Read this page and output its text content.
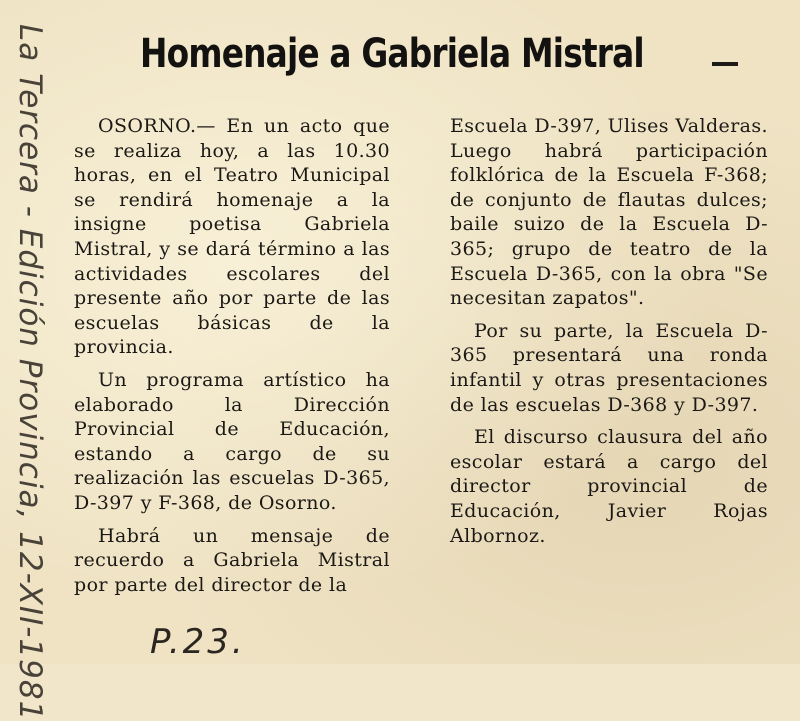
La Tercera - Edición Provincia, 12-XII-1981 Homenaje a Gabriela Mistral

OSORNO.— En un acto que se realiza hoy, a las 10.30 horas, en el Teatro Municipal se rendirá homenaje a la insigne poetisa Gabriela Mistral, y se dará término a las actividades escolares del presente año por parte de las escuelas básicas de la provincia.

Un programa artístico ha elaborado la Dirección Provincial de Educación, estando a cargo de su realización las escuelas D-365, D-397 y F-368, de Osorno.

Habrá un mensaje de recuerdo a Gabriela Mistral por parte del director de la

Escuela D-397, Ulises Valderas. Luego habrá participación folklórica de la Escuela F-368; de conjunto de flautas dulces; baile suizo de la Escuela D-365; grupo de teatro de la Escuela D-365, con la obra "Se necesitan zapatos".

Por su parte, la Escuela D-365 presentará una ronda infantil y otras presentaciones de las escuelas D-368 y D-397.

El discurso clausura del año escolar estará a cargo del director provincial de Educación, Javier Rojas Albornoz.

P.23.
